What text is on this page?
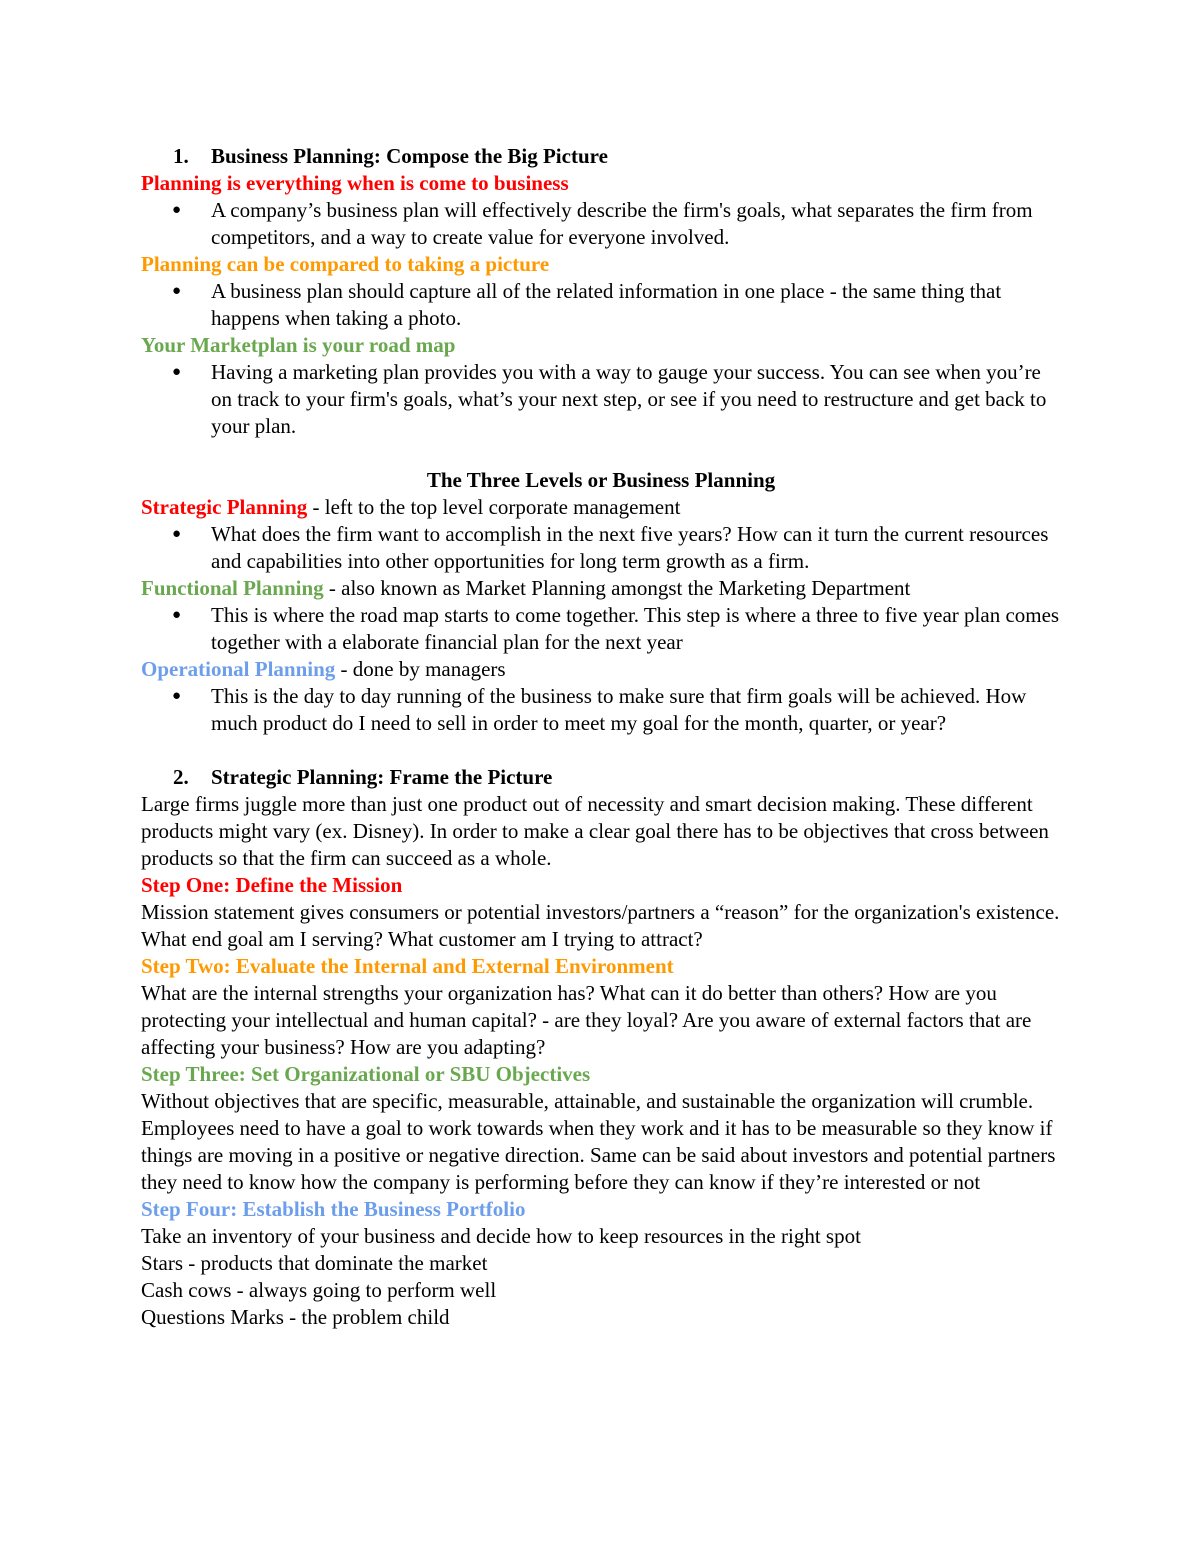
1.	Business Planning: Compose the Big Picture

Planning is everything when is come to business

● A company’s business plan will effectively describe the firm's goals, what separates the firm from competitors, and a way to create value for everyone involved.

Planning can be compared to taking a picture

● A business plan should capture all of the related information in one place - the same thing that happens when taking a photo.

Your Marketplan is your road map

● Having a marketing plan provides you with a way to gauge your success. You can see when you’re on track to your firm's goals, what’s your next step, or see if you need to restructure and get back to your plan.

The Three Levels or Business Planning

Strategic Planning - left to the top level corporate management

● What does the firm want to accomplish in the next five years? How can it turn the current resources and capabilities into other opportunities for long term growth as a firm.

Functional Planning - also known as Market Planning amongst the Marketing Department

● This is where the road map starts to come together. This step is where a three to five year plan comes together with a elaborate financial plan for the next year

Operational Planning - done by managers

● This is the day to day running of the business to make sure that firm goals will be achieved. How much product do I need to sell in order to meet my goal for the month, quarter, or year?
2.	Strategic Planning: Frame the Picture

Large firms juggle more than just one product out of necessity and smart decision making. These different products might vary (ex. Disney). In order to make a clear goal there has to be objectives that cross between products so that the firm can succeed as a whole.

Step One: Define the Mission

Mission statement gives consumers or potential investors/partners a “reason” for the organization's existence. What end goal am I serving? What customer am I trying to attract?

Step Two: Evaluate the Internal and External Environment

What are the internal strengths your organization has? What can it do better than others? How are you protecting your intellectual and human capital? - are they loyal? Are you aware of external factors that are affecting your business? How are you adapting?

Step Three: Set Organizational or SBU Objectives

Without objectives that are specific, measurable, attainable, and sustainable the organization will crumble. Employees need to have a goal to work towards when they work and it has to be measurable so they know if things are moving in a positive or negative direction. Same can be said about investors and potential partners they need to know how the company is performing before they can know if they’re interested or not

Step Four: Establish the Business Portfolio

Take an inventory of your business and decide how to keep resources in the right spot

Stars - products that dominate the market

Cash cows - always going to perform well

Questions Marks - the problem child
